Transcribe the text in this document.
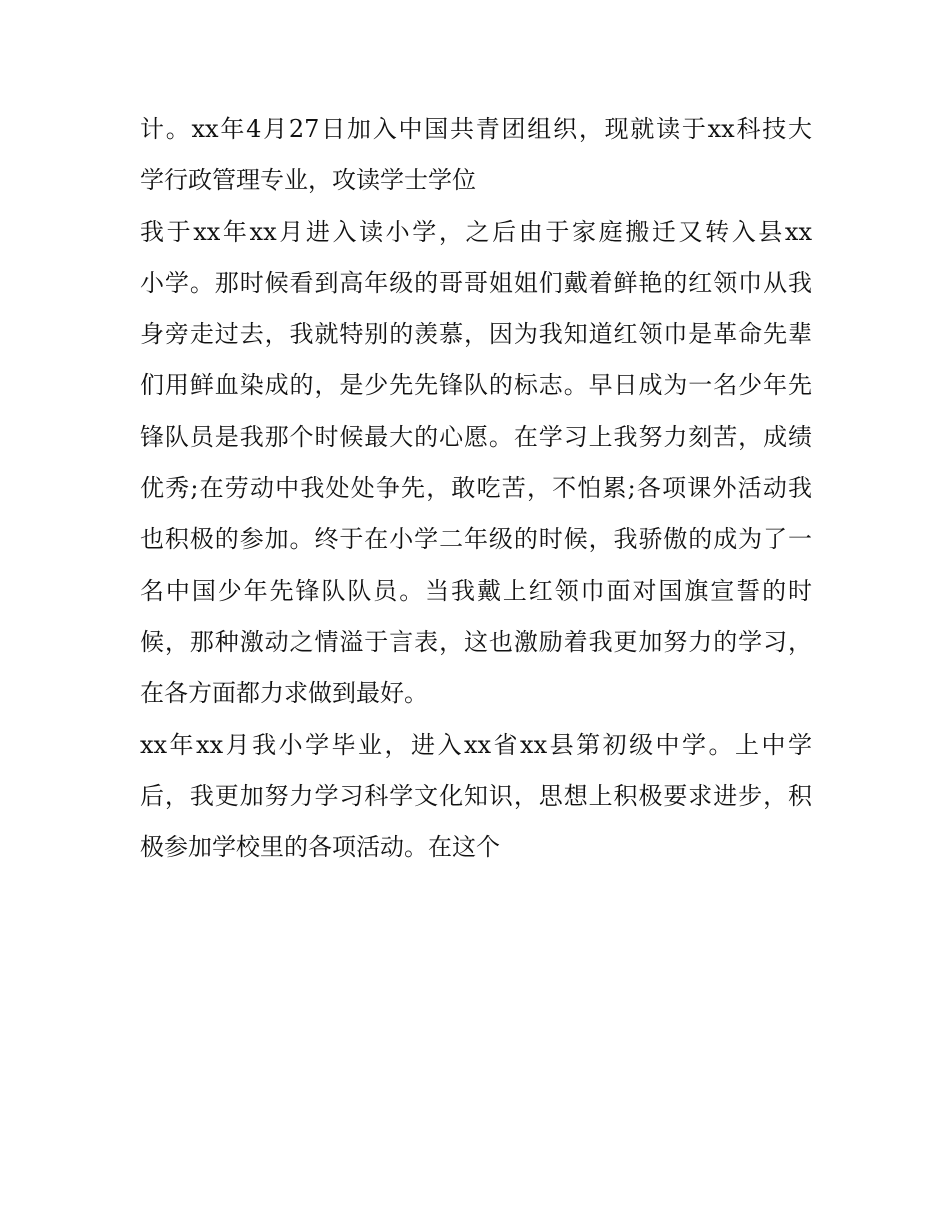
计。xx年4月27日加入中国共青团组织，现就读于xx科技大
学行政管理专业，攻读学士学位
我于xx年xx月进入读小学，之后由于家庭搬迁又转入县xx
小学。那时候看到高年级的哥哥姐姐们戴着鲜艳的红领巾从我
身旁走过去，我就特别的羡慕，因为我知道红领巾是革命先辈
们用鲜血染成的，是少先先锋队的标志。早日成为一名少年先
锋队员是我那个时候最大的心愿。在学习上我努力刻苦，成绩
优秀;在劳动中我处处争先，敢吃苦，不怕累;各项课外活动我
也积极的参加。终于在小学二年级的时候，我骄傲的成为了一
名中国少年先锋队队员。当我戴上红领巾面对国旗宣誓的时
候，那种激动之情溢于言表，这也激励着我更加努力的学习，
在各方面都力求做到最好。
xx年xx月我小学毕业，进入xx省xx县第初级中学。上中学
后，我更加努力学习科学文化知识，思想上积极要求进步，积
极参加学校里的各项活动。在这个
